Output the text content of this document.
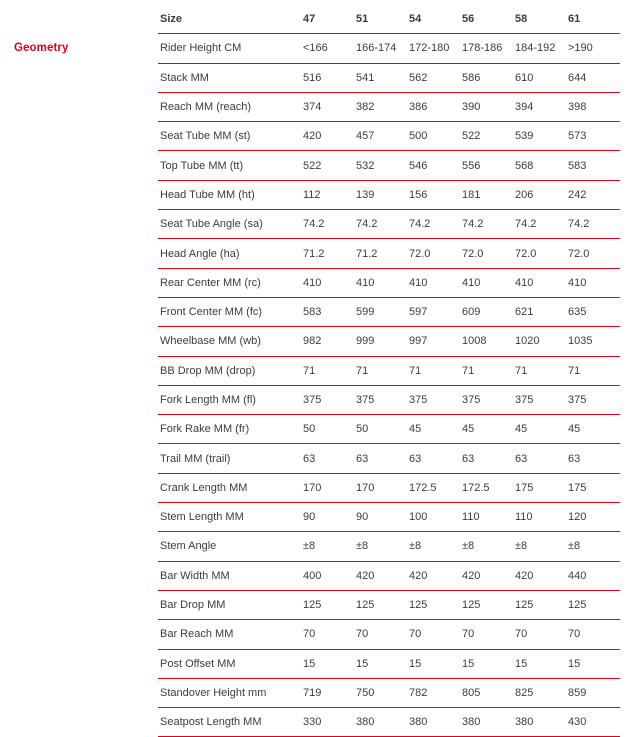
Geometry
Size	47	51	54	56	58	61
Rider Height CM	<166	166-174	172-180	178-186	184-192	>190
Stack MM	516	541	562	586	610	644
Reach MM (reach)	374	382	386	390	394	398
Seat Tube MM (st)	420	457	500	522	539	573
Top Tube MM (tt)	522	532	546	556	568	583
Head Tube MM (ht)	112	139	156	181	206	242
Seat Tube Angle (sa)	74.2	74.2	74.2	74.2	74.2	74.2
Head Angle (ha)	71.2	71.2	72.0	72.0	72.0	72.0
Rear Center MM (rc)	410	410	410	410	410	410
Front Center MM (fc)	583	599	597	609	621	635
Wheelbase MM (wb)	982	999	997	1008	1020	1035
BB Drop MM (drop)	71	71	71	71	71	71
Fork Length MM (fl)	375	375	375	375	375	375
Fork Rake MM (fr)	50	50	45	45	45	45
Trail MM (trail)	63	63	63	63	63	63
Crank Length MM	170	170	172.5	172.5	175	175
Stem Length MM	90	90	100	110	110	120
Stem Angle	±8	±8	±8	±8	±8	±8
Bar Width MM	400	420	420	420	420	440
Bar Drop MM	125	125	125	125	125	125
Bar Reach MM	70	70	70	70	70	70
Post Offset MM	15	15	15	15	15	15
Standover Height mm	719	750	782	805	825	859
Seatpost Length MM	330	380	380	380	380	430
